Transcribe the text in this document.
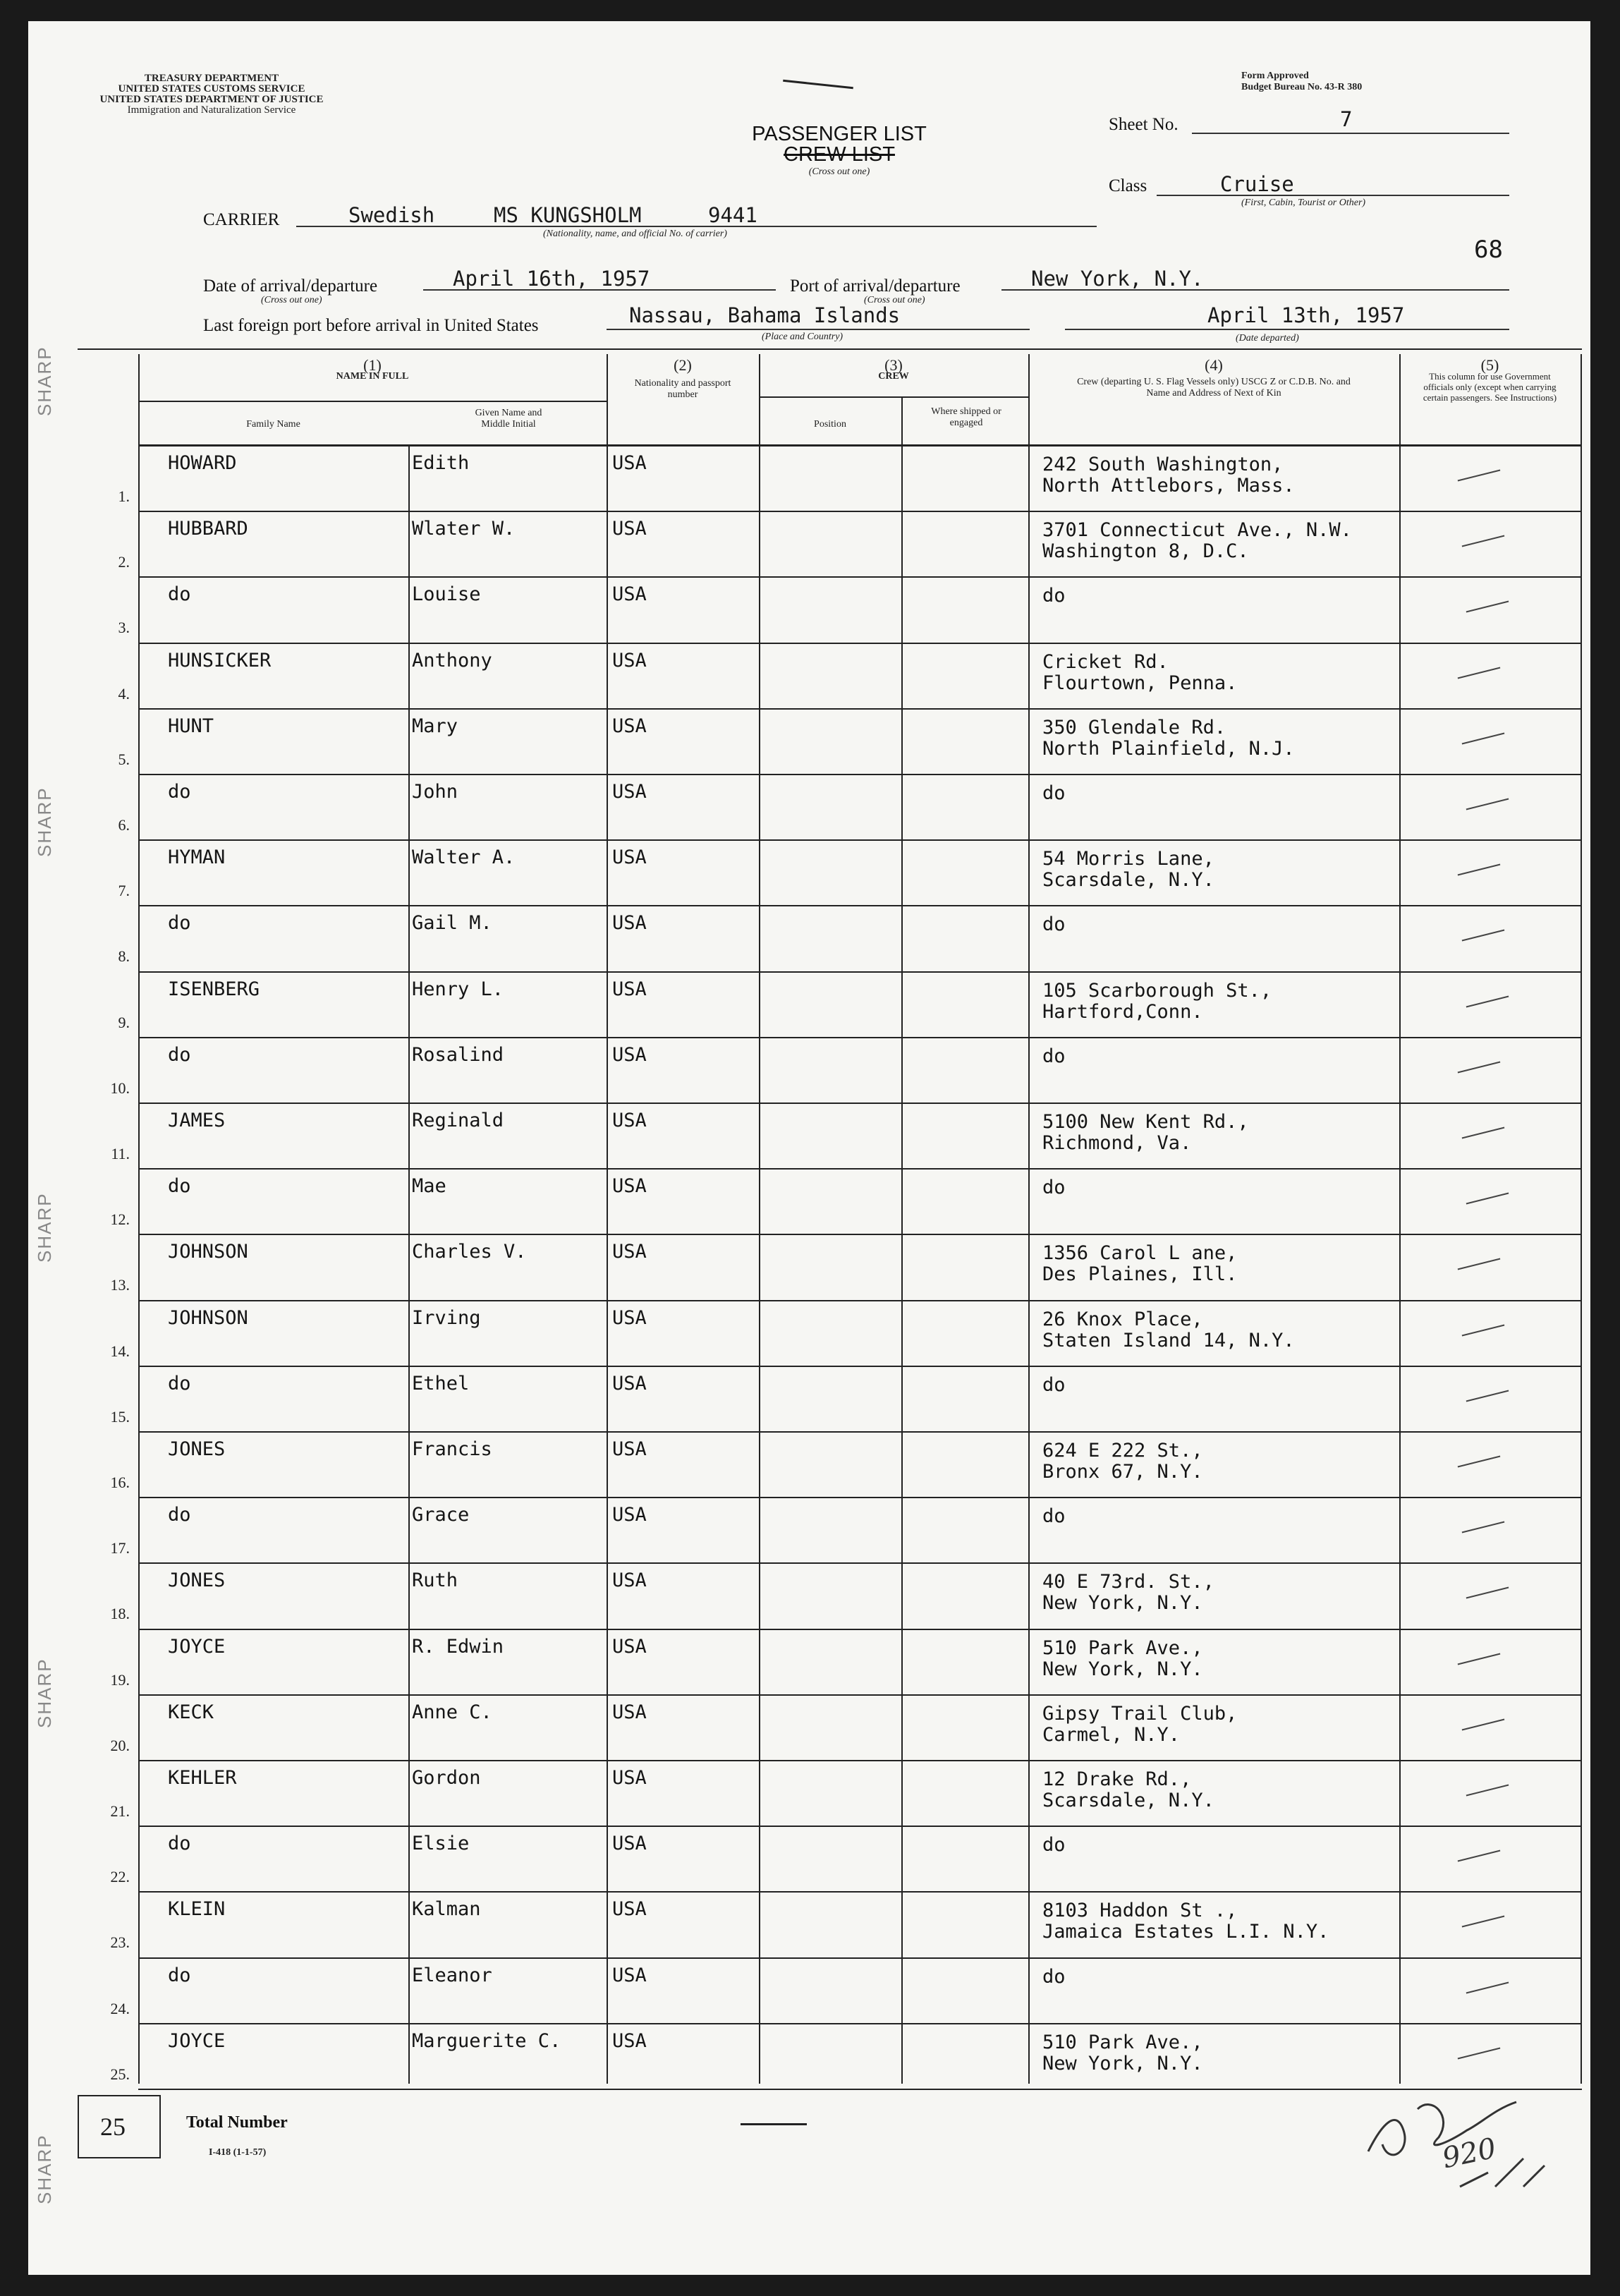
SHARP
SHARP
SHARP
SHARP
SHARP
TREASURY DEPARTMENT
UNITED STATES CUSTOMS SERVICE
UNITED STATES DEPARTMENT OF JUSTICE
Immigration and Naturalization Service
Form Approved
Budget Bureau No. 43-R 380
PASSENGER LIST
CREW LIST
(Cross out one)
Sheet No.	7
Class	Cruise
(First, Cabin, Tourist or Other)
68
CARRIER	Swedish	MS KUNGSHOLM	9441
(Nationality, name, and official No. of carrier)
Date of arrival/departure	April 16th, 1957
(Cross out one)
Port of arrival/departure	New York, N.Y.
(Cross out one)
Last foreign port before arrival in United States	Nassau, Bahama Islands
(Place and Country)
April 13th, 1957
(Date departed)
(1)
NAME IN FULL
Family Name
Given Name and Middle Initial
(2)
Nationality and passport number
(3)
CREW
Position
Where shipped or engaged
(4)
Crew (departing U. S. Flag Vessels only) USCG Z or C.D.B. No. and Name and Address of Next of Kin
(5)
This column for use Government officials only (except when carrying certain passengers. See Instructions)
1.
HOWARD	Edith	USA	242 South Washington,
North Attlebors, Mass.
2.
HUBBARD	Wlater W.	USA	3701 Connecticut Ave., N.W.
Washington 8, D.C.
3.
do	Louise	USA	do
4.
HUNSICKER	Anthony	USA	Cricket Rd.
Flourtown, Penna.
5.
HUNT	Mary	USA	350 Glendale Rd.
North Plainfield, N.J.
6.
do	John	USA	do
7.
HYMAN	Walter A.	USA	54 Morris Lane,
Scarsdale, N.Y.
8.
do	Gail M.	USA	do
9.
ISENBERG	Henry L.	USA	105 Scarborough St.,
Hartford,Conn.
10.
do	Rosalind	USA	do
11.
JAMES	Reginald	USA	5100 New Kent Rd.,
Richmond, Va.
12.
do	Mae	USA	do
13.
JOHNSON	Charles V.	USA	1356 Carol L ane,
Des Plaines, Ill.
14.
JOHNSON	Irving	USA	26 Knox Place,
Staten Island 14, N.Y.
15.
do	Ethel	USA	do
16.
JONES	Francis	USA	624 E 222 St.,
Bronx 67, N.Y.
17.
do	Grace	USA	do
18.
JONES	Ruth	USA	40 E 73rd. St.,
New York, N.Y.
19.
JOYCE	R. Edwin	USA	510 Park Ave.,
New York, N.Y.
20.
KECK	Anne C.	USA	Gipsy Trail Club,
Carmel, N.Y.
21.
KEHLER	Gordon	USA	12 Drake Rd.,
Scarsdale, N.Y.
22.
do	Elsie	USA	do
23.
KLEIN	Kalman	USA	8103 Haddon St .,
Jamaica Estates L.I. N.Y.
24.
do	Eleanor	USA	do
25.
JOYCE	Marguerite C.	USA	510 Park Ave.,
New York, N.Y.
25	Total Number
I-418 (1-1-57)	920
